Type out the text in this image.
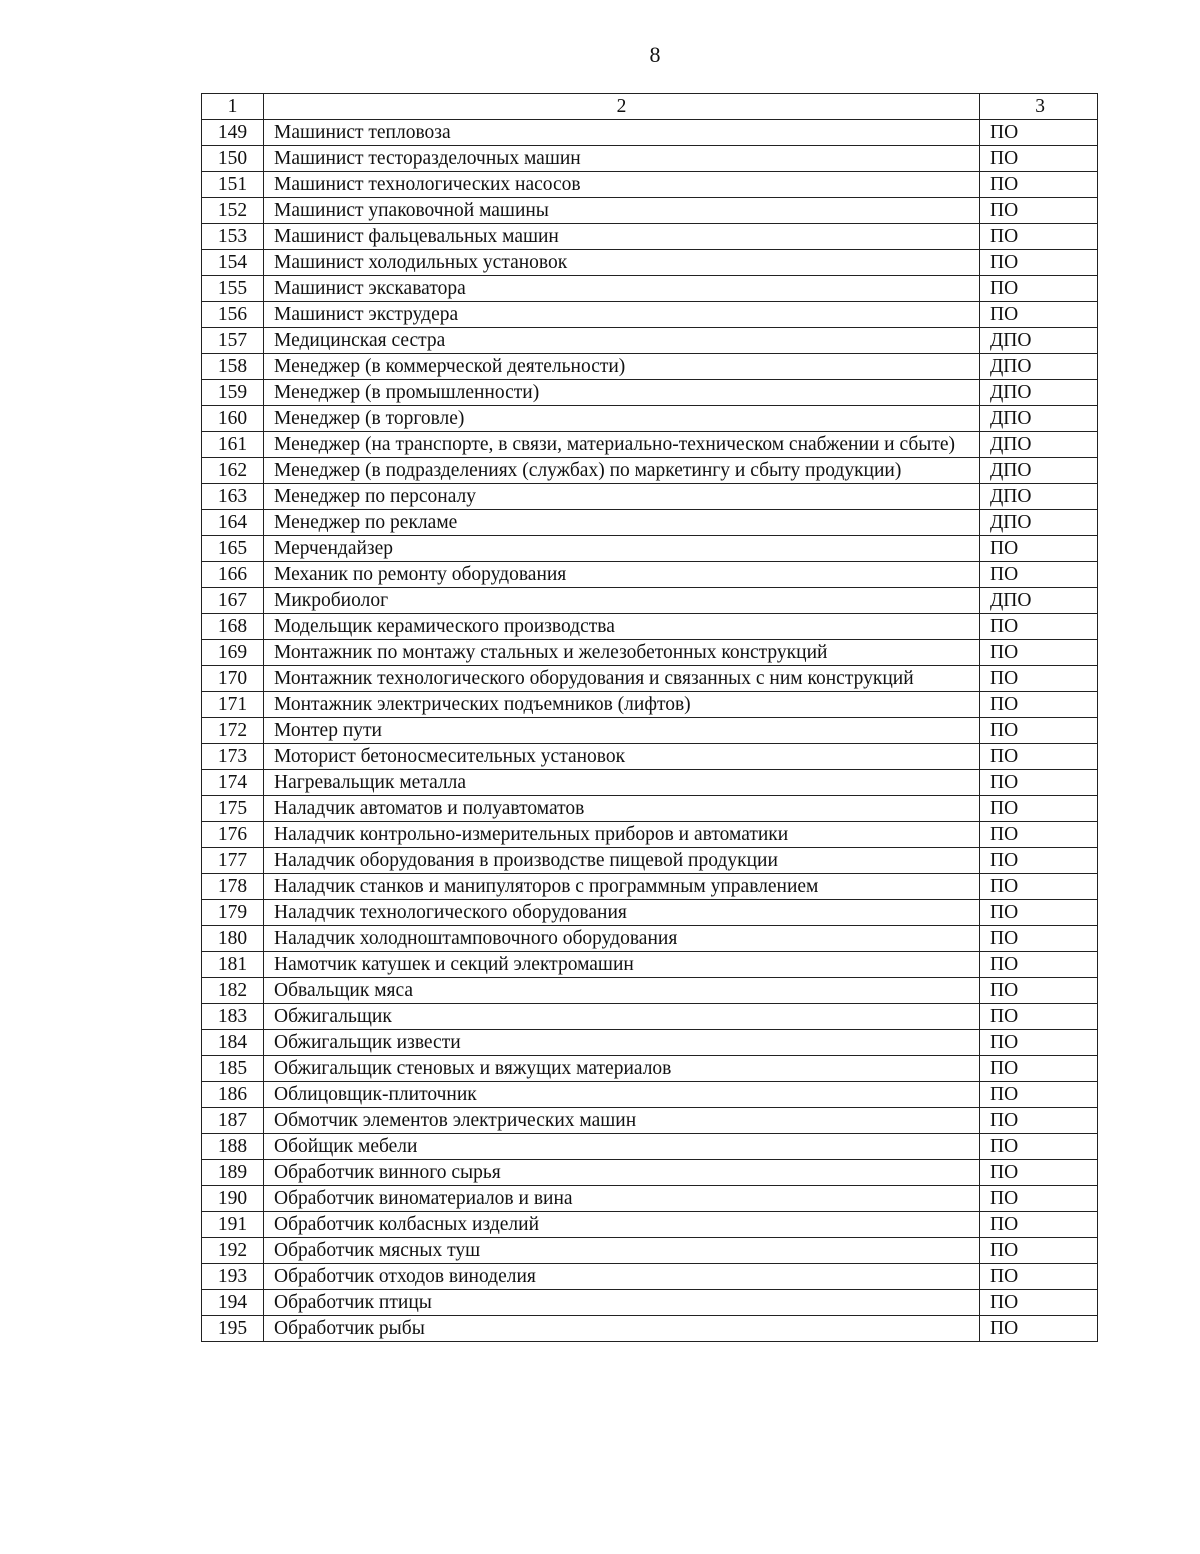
8
1	2	3
149	Машинист тепловоза	ПО
150	Машинист тесторазделочных машин	ПО
151	Машинист технологических насосов	ПО
152	Машинист упаковочной машины	ПО
153	Машинист фальцевальных машин	ПО
154	Машинист холодильных установок	ПО
155	Машинист экскаватора	ПО
156	Машинист экструдера	ПО
157	Медицинская сестра	ДПО
158	Менеджер (в коммерческой деятельности)	ДПО
159	Менеджер (в промышленности)	ДПО
160	Менеджер (в торговле)	ДПО
161	Менеджер (на транспорте, в связи, материально-техническом снабжении и сбыте)	ДПО
162	Менеджер (в подразделениях (службах) по маркетингу и сбыту продукции)	ДПО
163	Менеджер по персоналу	ДПО
164	Менеджер по рекламе	ДПО
165	Мерчендайзер	ПО
166	Механик по ремонту оборудования	ПО
167	Микробиолог	ДПО
168	Модельщик керамического производства	ПО
169	Монтажник по монтажу стальных и железобетонных конструкций	ПО
170	Монтажник технологического оборудования и связанных с ним конструкций	ПО
171	Монтажник электрических подъемников (лифтов)	ПО
172	Монтер пути	ПО
173	Моторист бетоносмесительных установок	ПО
174	Нагревальщик металла	ПО
175	Наладчик автоматов и полуавтоматов	ПО
176	Наладчик контрольно-измерительных приборов и автоматики	ПО
177	Наладчик оборудования в производстве пищевой продукции	ПО
178	Наладчик станков и манипуляторов с программным управлением	ПО
179	Наладчик технологического оборудования	ПО
180	Наладчик холодноштамповочного оборудования	ПО
181	Намотчик катушек и секций электромашин	ПО
182	Обвальщик мяса	ПО
183	Обжигальщик	ПО
184	Обжигальщик извести	ПО
185	Обжигальщик стеновых и вяжущих материалов	ПО
186	Облицовщик-плиточник	ПО
187	Обмотчик элементов электрических машин	ПО
188	Обойщик мебели	ПО
189	Обработчик винного сырья	ПО
190	Обработчик виноматериалов и вина	ПО
191	Обработчик колбасных изделий	ПО
192	Обработчик мясных туш	ПО
193	Обработчик отходов виноделия	ПО
194	Обработчик птицы	ПО
195	Обработчик рыбы	ПО
